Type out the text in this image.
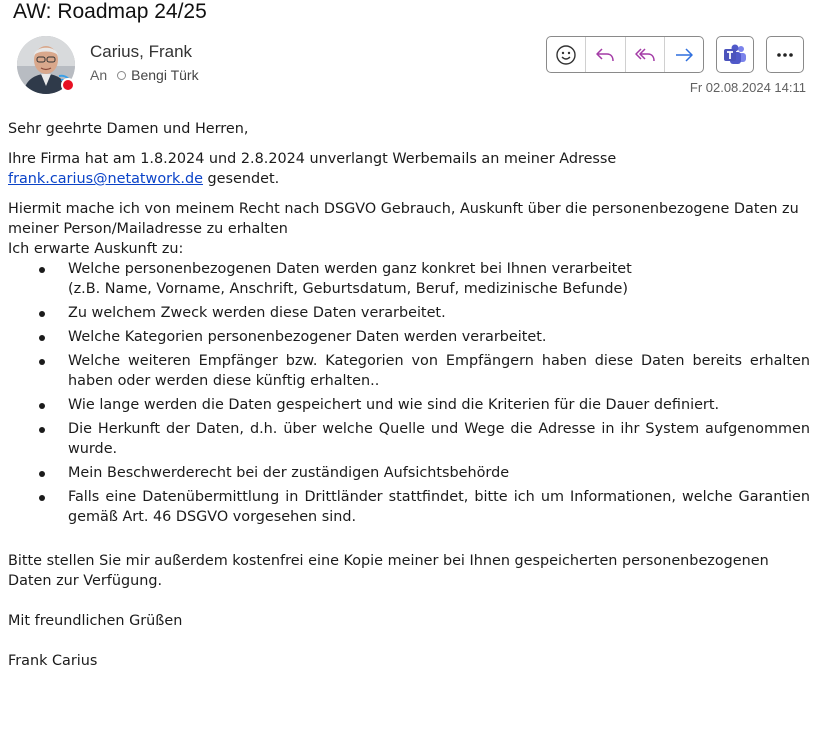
AW: Roadmap 24/25
Carius, Frank
An Bengi Türk
Fr 02.08.2024 14:11

Sehr geehrte Damen und Herren,

Ihre Firma hat am 1.8.2024 und 2.8.2024 unverlangt Werbemails an meiner Adresse frank.carius@netatwork.de gesendet.

Hiermit mache ich von meinem Recht nach DSGVO Gebrauch, Auskunft über die personenbezogene Daten zu meiner Person/Mailadresse zu erhalten

Ich erwarte Auskunft zu:

Welche personenbezogenen Daten werden ganz konkret bei Ihnen verarbeitet
(z.B. Name, Vorname, Anschrift, Geburtsdatum, Beruf, medizinische Befunde)
Zu welchem Zweck werden diese Daten verarbeitet.
Welche Kategorien personenbezogener Daten werden verarbeitet.
Welche weiteren Empfänger bzw. Kategorien von Empfängern haben diese Daten bereits erhalten haben oder werden diese künftig erhalten..
Wie lange werden die Daten gespeichert und wie sind die Kriterien für die Dauer definiert.
Die Herkunft der Daten, d.h. über welche Quelle und Wege die Adresse in ihr System aufgenommen wurde.
Mein Beschwerderecht bei der zuständigen Aufsichtsbehörde
Falls eine Datenübermittlung in Drittländer stattfindet, bitte ich um Informationen, welche Garantien gemäß Art. 46 DSGVO vorgesehen sind.

Bitte stellen Sie mir außerdem kostenfrei eine Kopie meiner bei Ihnen gespeicherten personenbezogenen Daten zur Verfügung.

Mit freundlichen Grüßen

Frank Carius
